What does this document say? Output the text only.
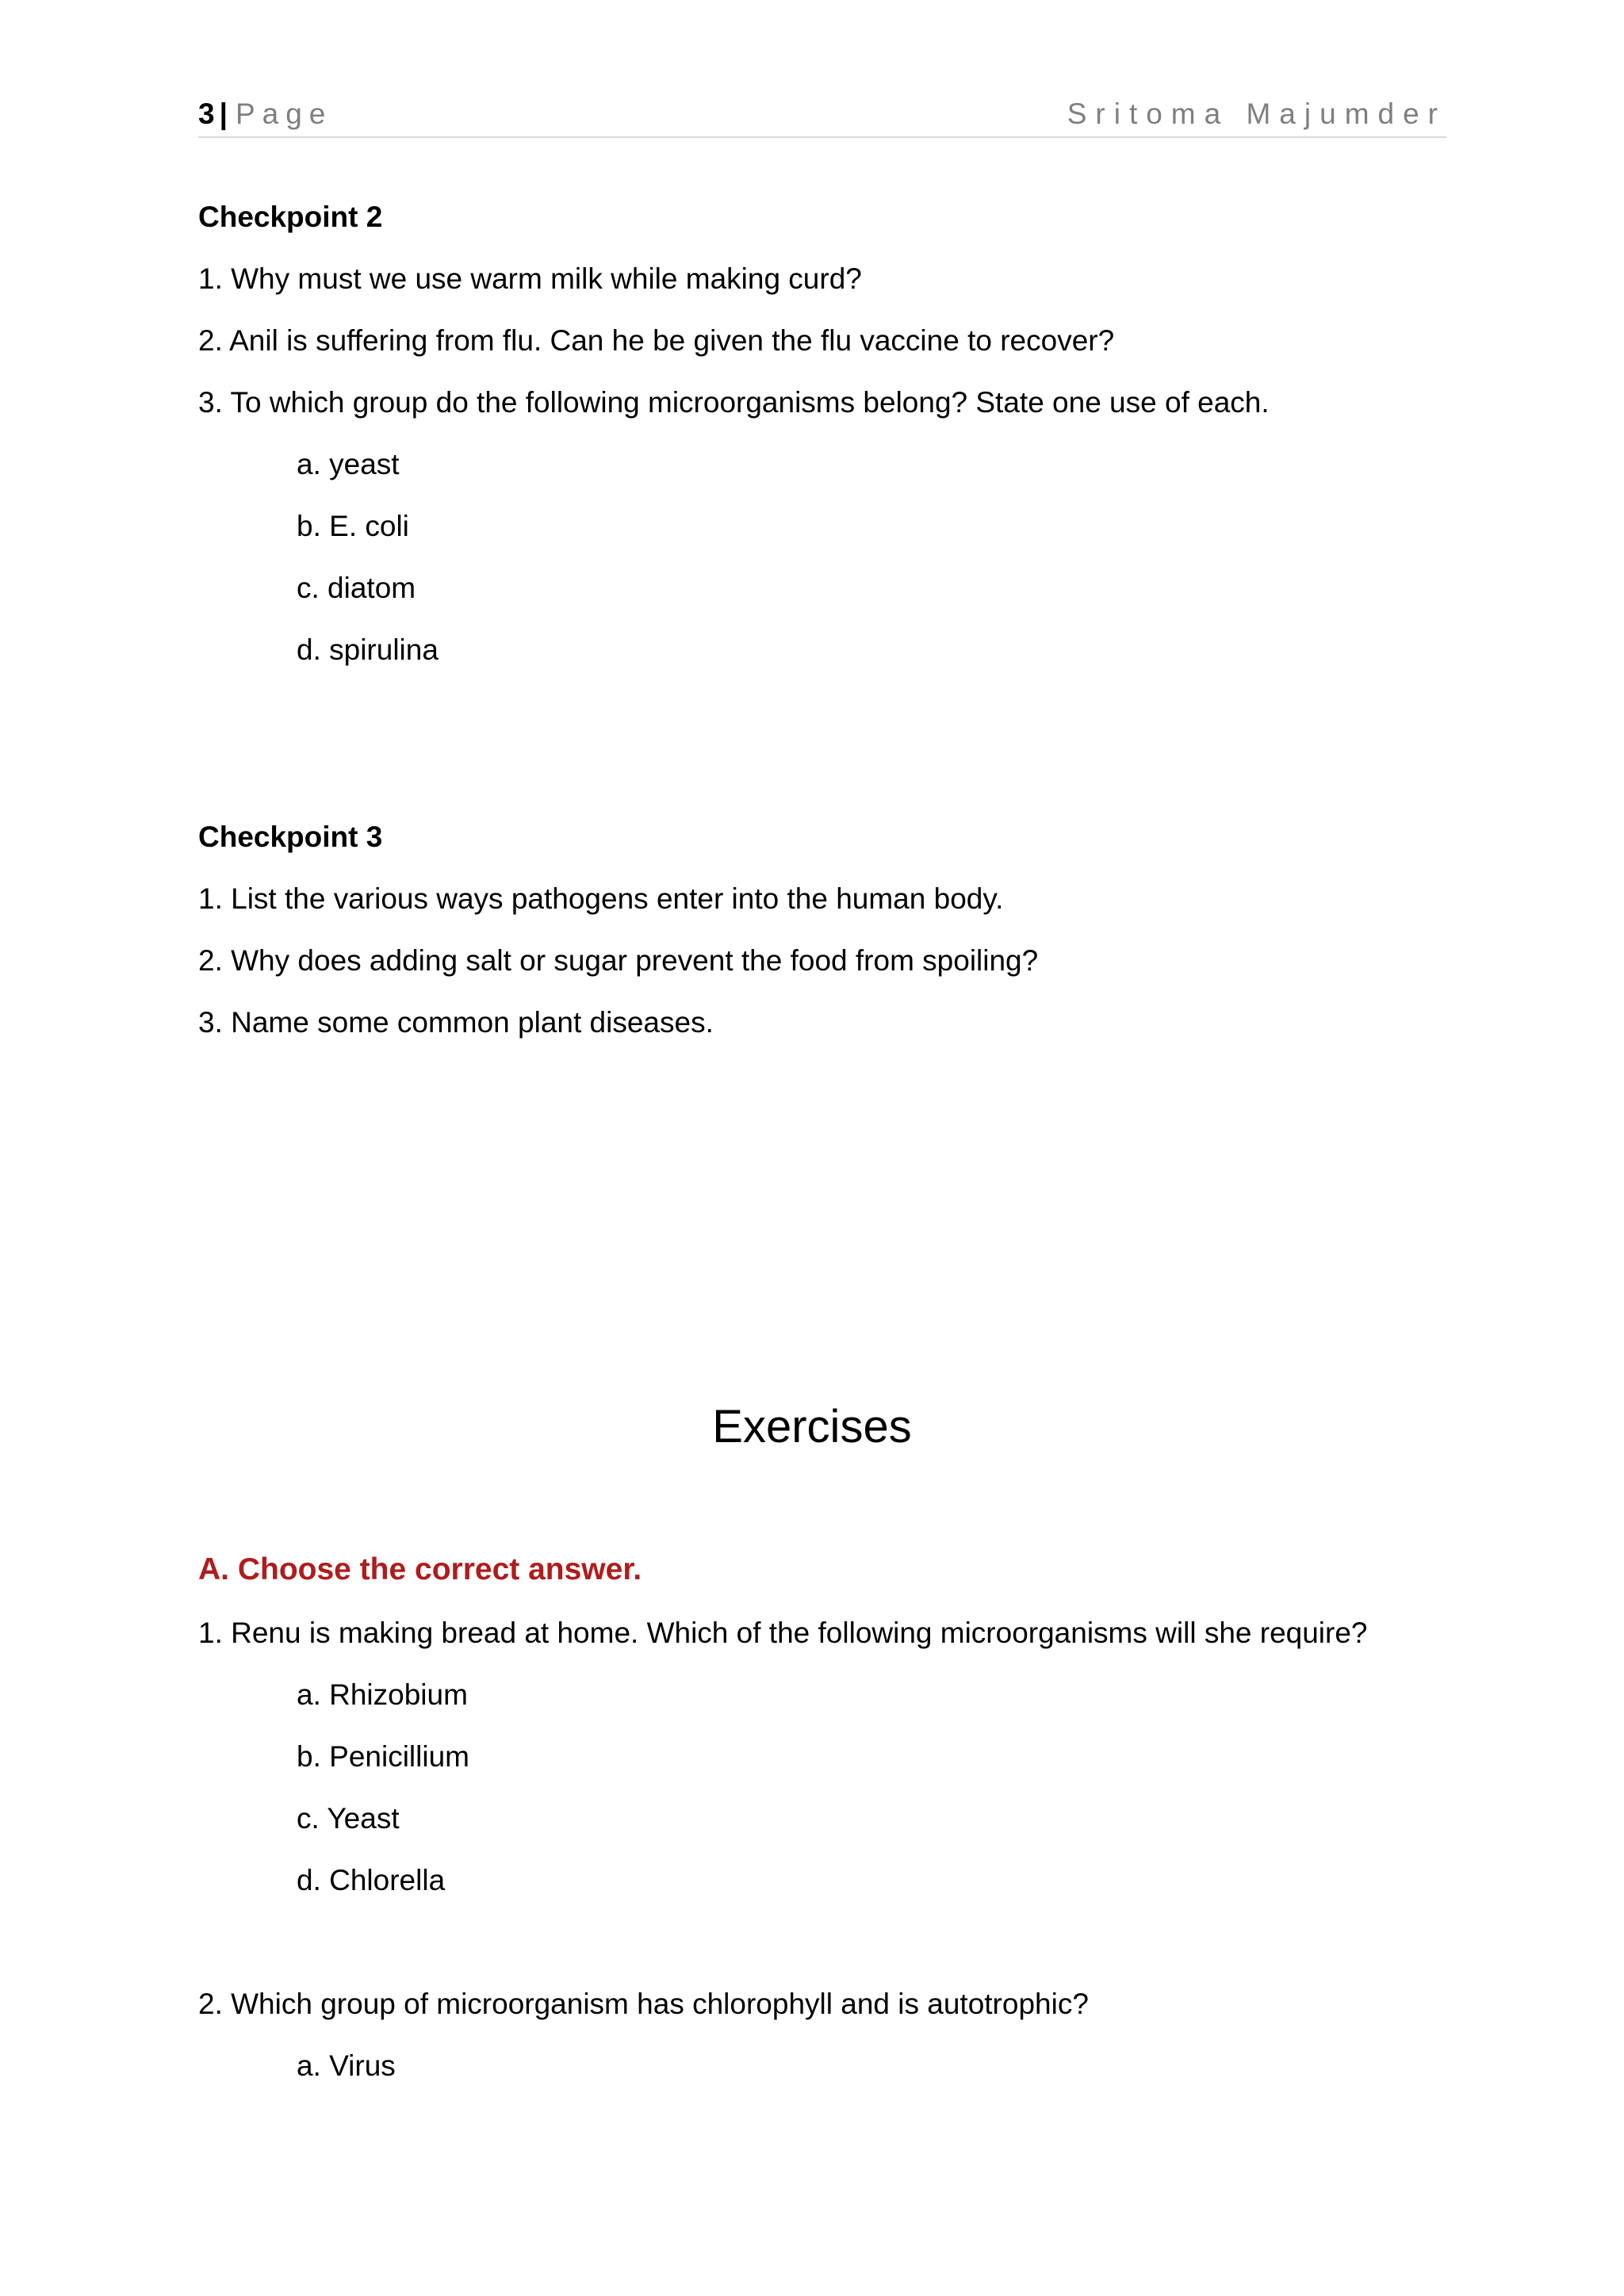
3 | Page	Sritoma Majumder
Checkpoint 2
1. Why must we use warm milk while making curd?
2. Anil is suffering from flu. Can he be given the flu vaccine to recover?
3. To which group do the following microorganisms belong? State one use of each.
a. yeast
b. E. coli
c. diatom
d. spirulina
Checkpoint 3
1. List the various ways pathogens enter into the human body.
2. Why does adding salt or sugar prevent the food from spoiling?
3. Name some common plant diseases.
Exercises
A. Choose the correct answer.
1. Renu is making bread at home. Which of the following microorganisms will she require?
a. Rhizobium
b. Penicillium
c. Yeast
d. Chlorella
2. Which group of microorganism has chlorophyll and is autotrophic?
a. Virus
